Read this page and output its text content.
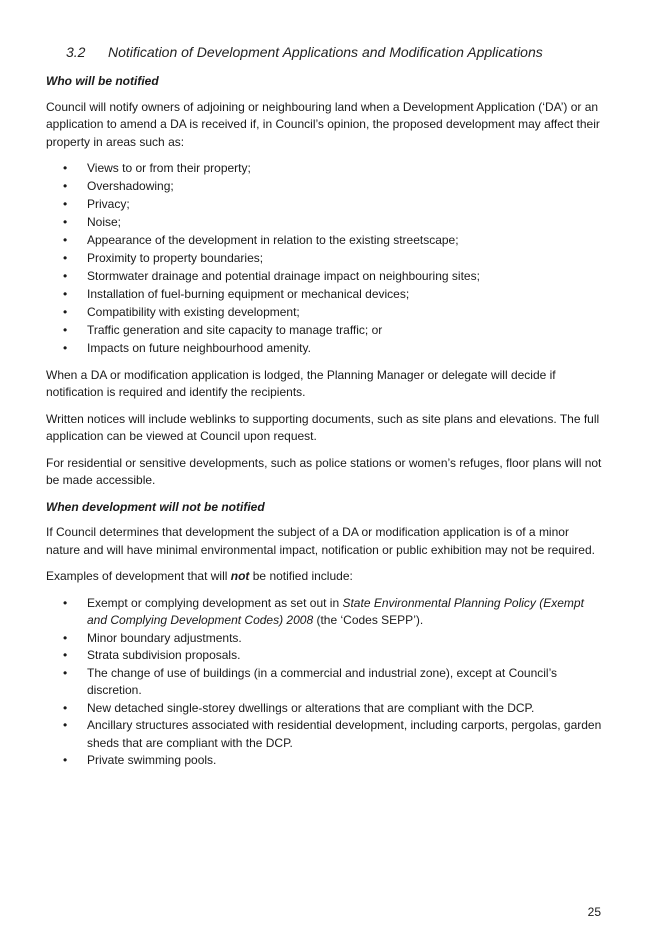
3.2 Notification of Development Applications and Modification Applications
Who will be notified

Council will notify owners of adjoining or neighbouring land when a Development Application (‘DA’) or an application to amend a DA is received if, in Council’s opinion, the proposed development may affect their property in areas such as:

• Views to or from their property;
• Overshadowing;
• Privacy;
• Noise;
• Appearance of the development in relation to the existing streetscape;
• Proximity to property boundaries;
• Stormwater drainage and potential drainage impact on neighbouring sites;
• Installation of fuel-burning equipment or mechanical devices;
• Compatibility with existing development;
• Traffic generation and site capacity to manage traffic; or
• Impacts on future neighbourhood amenity.

When a DA or modification application is lodged, the Planning Manager or delegate will decide if notification is required and identify the recipients.

Written notices will include weblinks to supporting documents, such as site plans and elevations. The full application can be viewed at Council upon request.

For residential or sensitive developments, such as police stations or women’s refuges, floor plans will not be made accessible.

When development will not be notified

If Council determines that development the subject of a DA or modification application is of a minor nature and will have minimal environmental impact, notification or public exhibition may not be required.

Examples of development that will not be notified include:

• Exempt or complying development as set out in State Environmental Planning Policy (Exempt and Complying Development Codes) 2008 (the ‘Codes SEPP’).
• Minor boundary adjustments.
• Strata subdivision proposals.
• The change of use of buildings (in a commercial and industrial zone), except at Council’s discretion.
• New detached single-storey dwellings or alterations that are compliant with the DCP.
• Ancillary structures associated with residential development, including carports, pergolas, garden sheds that are compliant with the DCP.
• Private swimming pools.
25
